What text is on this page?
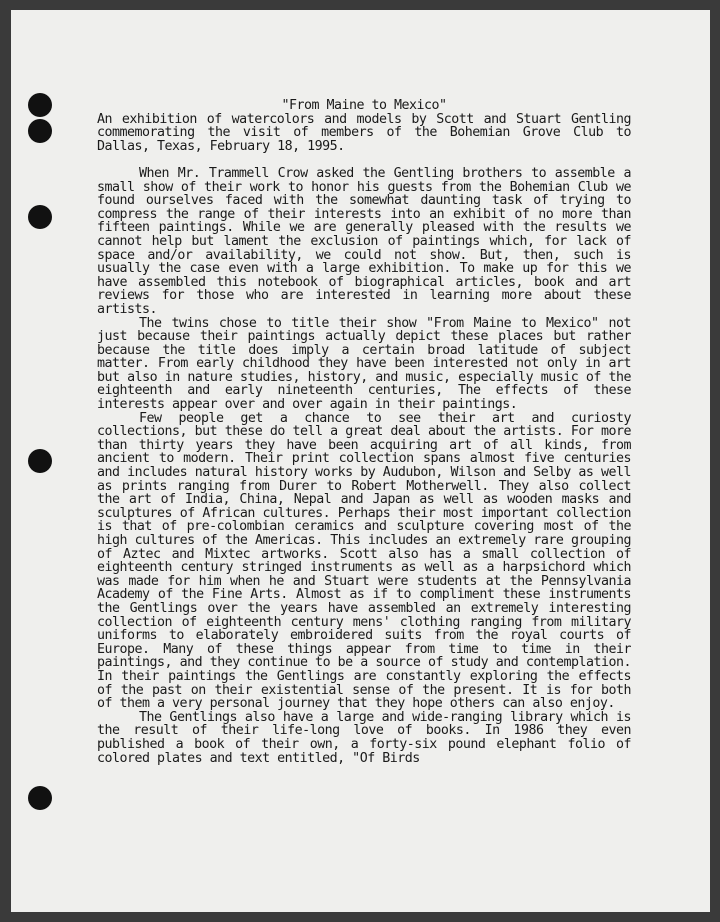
"From Maine to Mexico"

An exhibition of watercolors and models by Scott and Stuart Gentling commemorating the visit of members of the Bohemian Grove Club to Dallas, Texas, February 18, 1995.

When Mr. Trammell Crow asked the Gentling brothers to assemble a small show of their work to honor his guests from the Bohemian Club we found ourselves faced with the somewhat daunting task of trying to compress the range of their interests into an exhibit of no more than fifteen paintings. While we are generally pleased with the results we cannot help but lament the exclusion of paintings which, for lack of space and/or availability, we could not show. But, then, such is usually the case even with a large exhibition. To make up for this we have assembled this notebook of biographical articles, book and art reviews for those who are interested in learning more about these artists.

The twins chose to title their show "From Maine to Mexico" not just because their paintings actually depict these places but rather because the title does imply a certain broad latitude of subject matter. From early childhood they have been interested not only in art but also in nature studies, history, and music, especially music of the eighteenth and early nineteenth centuries, The effects of these interests appear over and over again in their paintings.

Few people get a chance to see their art and curiosty collections, but these do tell a great deal about the artists. For more than thirty years they have been acquiring art of all kinds, from ancient to modern. Their print collection spans almost five centuries and includes natural history works by Audubon, Wilson and Selby as well as prints ranging from Durer to Robert Motherwell. They also collect the art of India, China, Nepal and Japan as well as wooden masks and sculptures of African cultures. Perhaps their most important collection is that of pre-colombian ceramics and sculpture covering most of the high cultures of the Americas. This includes an extremely rare grouping of Aztec and Mixtec artworks. Scott also has a small collection of eighteenth century stringed instruments as well as a harpsichord which was made for him when he and Stuart were students at the Pennsylvania Academy of the Fine Arts. Almost as if to compliment these instruments the Gentlings over the years have assembled an extremely interesting collection of eighteenth century mens' clothing ranging from military uniforms to elaborately embroidered suits from the royal courts of Europe. Many of these things appear from time to time in their paintings, and they continue to be a source of study and contemplation. In their paintings the Gentlings are constantly exploring the effects of the past on their existential sense of the present. It is for both of them a very personal journey that they hope others can also enjoy.

The Gentlings also have a large and wide-ranging library which is the result of their life-long love of books. In 1986 they even published a book of their own, a forty-six pound elephant folio of colored plates and text entitled, "Of Birds
